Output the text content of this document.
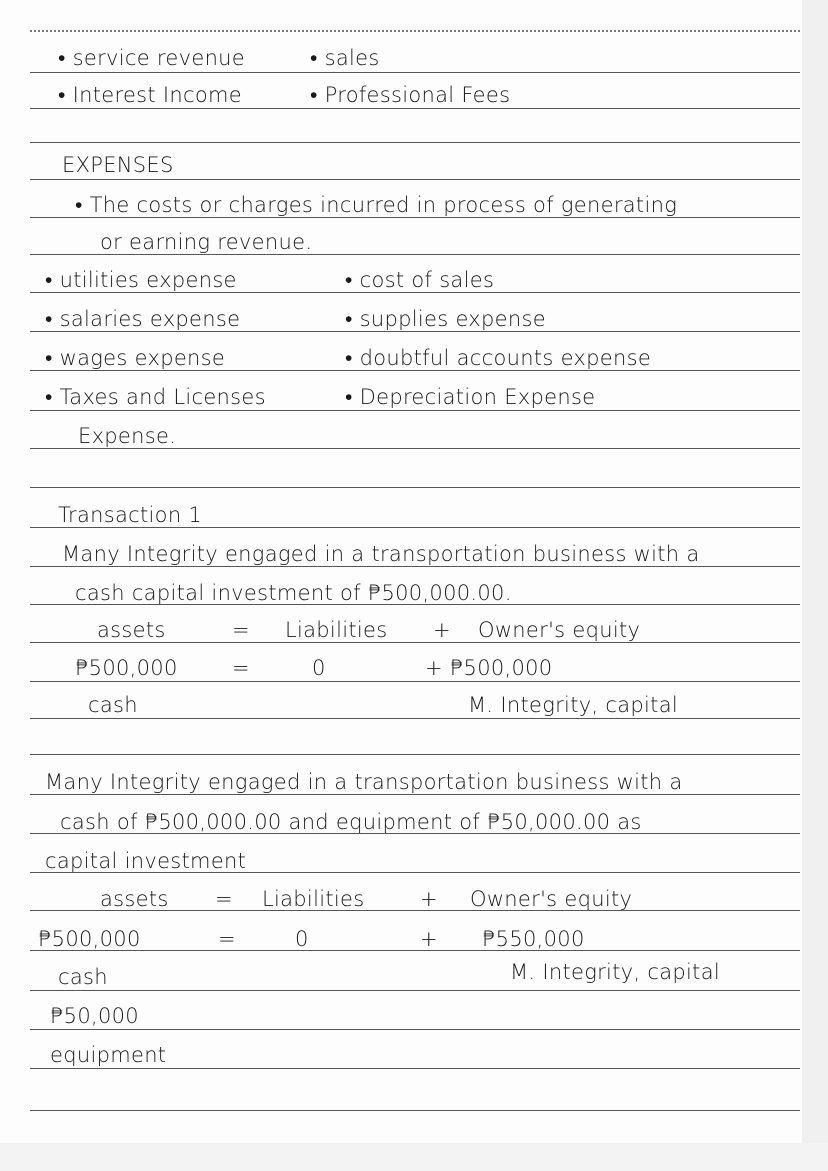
• service revenue	• sales
• Interest Income	• Professional Fees
EXPENSES
• The costs or charges incurred in process of generating
or earning revenue.
• utilities expense	• cost of sales
• salaries expense	• supplies expense
• wages expense	• doubtful accounts expense
• Taxes and Licenses	• Depreciation Expense
Expense.
Transaction 1
Many Integrity engaged in a transportation business with a
cash capital investment of ₱500,000.00.
assets	= Liabilities + Owner's equity
₱500,000	=	0	+ ₱500,000
cash	M. Integrity, capital
Many Integrity engaged in a transportation business with a
cash of ₱500,000.00 and equipment of ₱50,000.00 as
capital investment
assets = Liabilities	+ Owner's equity
₱500,000	=	0	+ ₱550,000
cash	M. Integrity, capital
₱50,000
equipment
